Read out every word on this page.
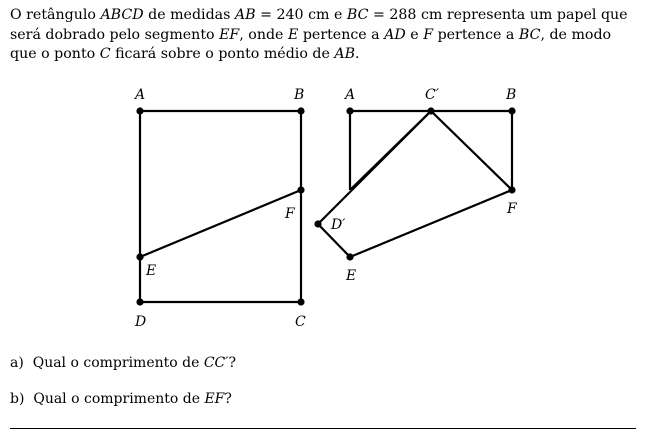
O retângulo ABCD de medidas AB = 240 cm e BC = 288 cm representa um papel que será dobrado pelo segmento EF, onde E pertence a AD e F pertence a BC, de modo que o ponto C ficará sobre o ponto médio de AB.

A	B
F
E
D	C
A	C′	B
F
D′
E

a) Qual o comprimento de CC′?

b) Qual o comprimento de EF?
